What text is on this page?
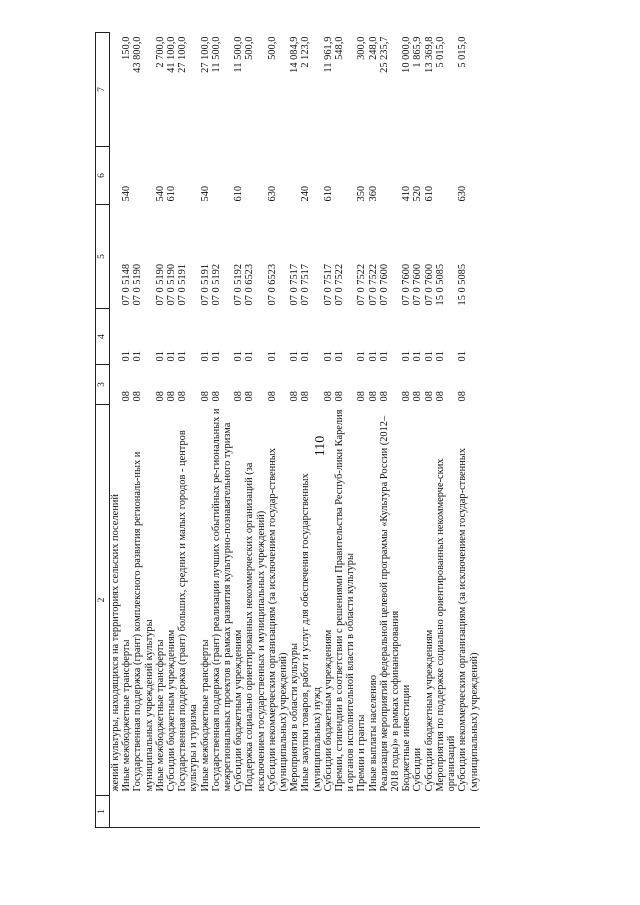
110
1	2	3	4	5	6	7
	жений культуры, находящихся на территориях сельских поселений					
	Иные межбюджетные трансферты	08	01	07 0 5148	540	150,0
	Государственная поддержка (грант) комплексного развития региональ-ных и муниципальных учреждений культуры	08	01	07 0 5190		43 800,0
	Иные межбюджетные трансферты	08	01	07 0 5190	540	2 700,0
	Субсидии бюджетным учреждениям	08	01	07 0 5190	610	41 100,0
	Государственная поддержка (грант) больших, средних и малых городов - центров культуры и туризма	08	01	07 0 5191		27 100,0
	Иные межбюджетные трансферты	08	01	07 0 5191	540	27 100,0
	Государственная поддержка (грант) реализации лучших событийных ре-гиональных и межрегиональных проектов в рамках развития культурно-познавательного туризма	08	01	07 0 5192		11 500,0
	Субсидии бюджетным учреждениям	08	01	07 0 5192	610	11 500,0
	Поддержка социально ориентированных некоммерческих организаций (за исключением государственных и муниципальных учреждений)	08	01	07 0 6523		500,0
	Субсидии некоммерческим организациям (за исключением государ-ственных (муниципальных) учреждений)	08	01	07 0 6523	630	500,0
	Мероприятия в области культуры	08	01	07 0 7517		14 084,9
	Иные закупки товаров, работ и услуг для обеспечения государственных (муниципальных) нужд	08	01	07 0 7517	240	2 123,0
	Субсидии бюджетным учреждениям	08	01	07 0 7517	610	11 961,9
	Премии, стипендии в соответствии с решениями Правительства Респуб-лики Карелия и органов исполнительной власти в области культуры	08	01	07 0 7522		548,0
	Премии и гранты	08	01	07 0 7522	350	300,0
	Иные выплаты населению	08	01	07 0 7522	360	248,0
	Реализация мероприятий федеральной целевой программы «Культура России (2012–2018 годы)» в рамках софинансирования	08	01	07 0 7600		25 235,7
	Бюджетные инвестиции	08	01	07 0 7600	410	10 000,0
	Субсидии	08	01	07 0 7600	520	1 865,9
	Субсидии бюджетным учреждениям	08	01	07 0 7600	610	13 369,8
	Мероприятия по поддержке социально ориентированных некоммерче-ских организаций	08	01	15 0 5085		5 015,0
	Субсидии некоммерческим организациям (за исключением государ-ственных (муниципальных) учреждений)	08	01	15 0 5085	630	5 015,0
